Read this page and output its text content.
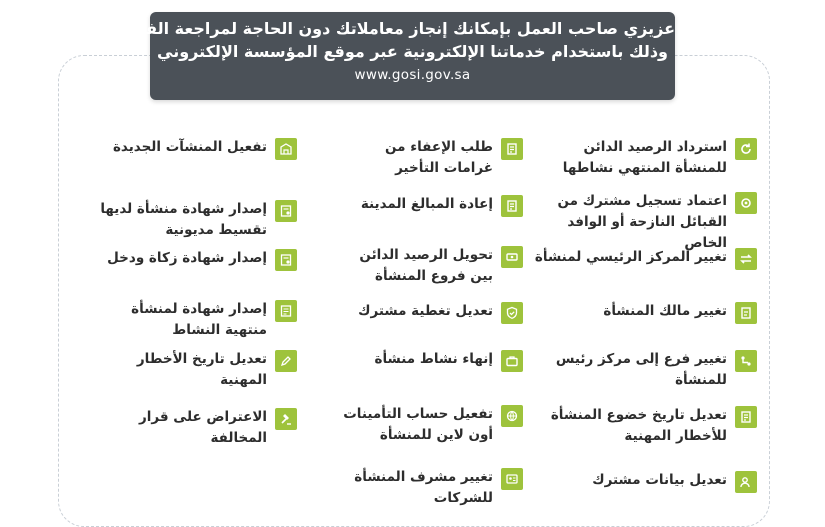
عزيزي صاحب العمل بإمكانك إنجاز معاملاتك دون الحاجة لمراجعة الفرع
وذلك باستخدام خدماتنا الإلكترونية عبر موقع المؤسسة الإلكتروني
www.gosi.gov.sa
استرداد الرصيد الدائن للمنشأة المنتهي نشاطها
اعتماد تسجيل مشترك من القبائل النازحة أو الوافد الخاص
تغيير المركز الرئيسي لمنشأة
تغيير مالك المنشأة
تغيير فرع إلى مركز رئيس للمنشأة
تعديل تاريخ خضوع المنشأة للأخطار المهنية
تعديل بيانات مشترك
طلب الإعفاء من غرامات التأخير
إعادة المبالغ المدينة
تحويل الرصيد الدائن بين فروع المنشأة
تعديل تغطية مشترك
إنهاء نشاط منشأة
تفعيل حساب التأمينات أون لاين للمنشأة
تغيير مشرف المنشأة للشركات
تفعيل المنشآت الجديدة
إصدار شهادة منشأة لديها تقسيط مديونية
إصدار شهادة زكاة ودخل
إصدار شهادة لمنشأة منتهية النشاط
تعديل تاريخ الأخطار المهنية
الاعتراض على قرار المخالفة
